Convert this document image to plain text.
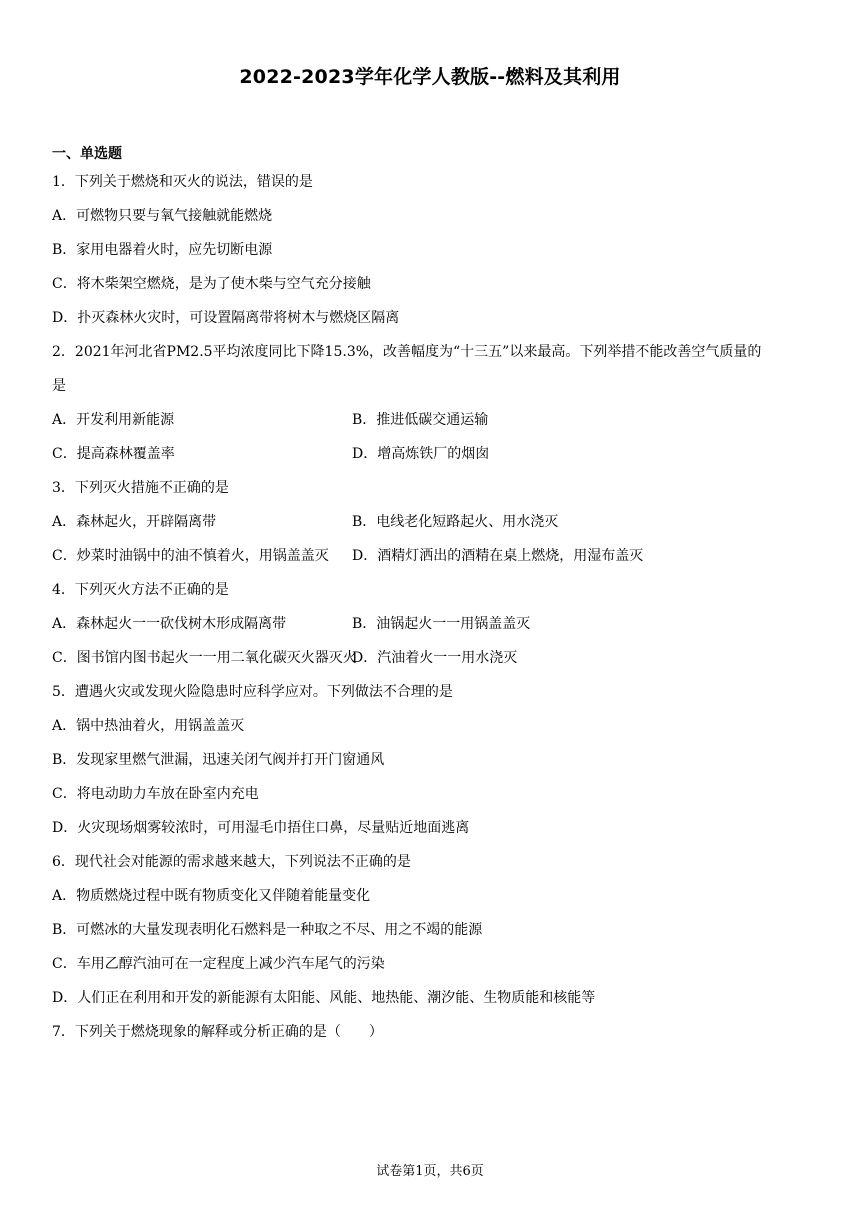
2022-2023学年化学人教版--燃料及其利用
一、单选题
1．下列关于燃烧和灭火的说法，错误的是
A．可燃物只要与氧气接触就能燃烧
B．家用电器着火时，应先切断电源
C．将木柴架空燃烧，是为了使木柴与空气充分接触
D．扑灭森林火灾时，可设置隔离带将树木与燃烧区隔离
2．2021年河北省PM2.5平均浓度同比下降15.3%，改善幅度为“十三五”以来最高。下列举措不能改善空气质量的
是
A．开发利用新能源	B．推进低碳交通运输
C．提高森林覆盖率	D．增高炼铁厂的烟囱
3．下列灭火措施不正确的是
A．森林起火，开辟隔离带	B．电线老化短路起火、用水浇灭
C．炒菜时油锅中的油不慎着火，用锅盖盖灭	D．酒精灯洒出的酒精在桌上燃烧，用湿布盖灭
4．下列灭火方法不正确的是
A．森林起火一一砍伐树木形成隔离带	B．油锅起火一一用锅盖盖灭
C．图书馆内图书起火一一用二氧化碳灭火器灭火
D．汽油着火一一用水浇灭
5．遭遇火灾或发现火险隐患时应科学应对。下列做法不合理的是
A．锅中热油着火，用锅盖盖灭
B．发现家里燃气泄漏，迅速关闭气阀并打开门窗通风
C．将电动助力车放在卧室内充电
D．火灾现场烟雾较浓时，可用湿毛巾捂住口鼻，尽量贴近地面逃离
6．现代社会对能源的需求越来越大，下列说法不正确的是
A．物质燃烧过程中既有物质变化又伴随着能量变化
B．可燃冰的大量发现表明化石燃料是一种取之不尽、用之不竭的能源
C．车用乙醇汽油可在一定程度上减少汽车尾气的污染
D．人们正在利用和开发的新能源有太阳能、风能、地热能、潮汐能、生物质能和核能等
7．下列关于燃烧现象的解释或分析正确的是（　　）
试卷第1页，共6页
